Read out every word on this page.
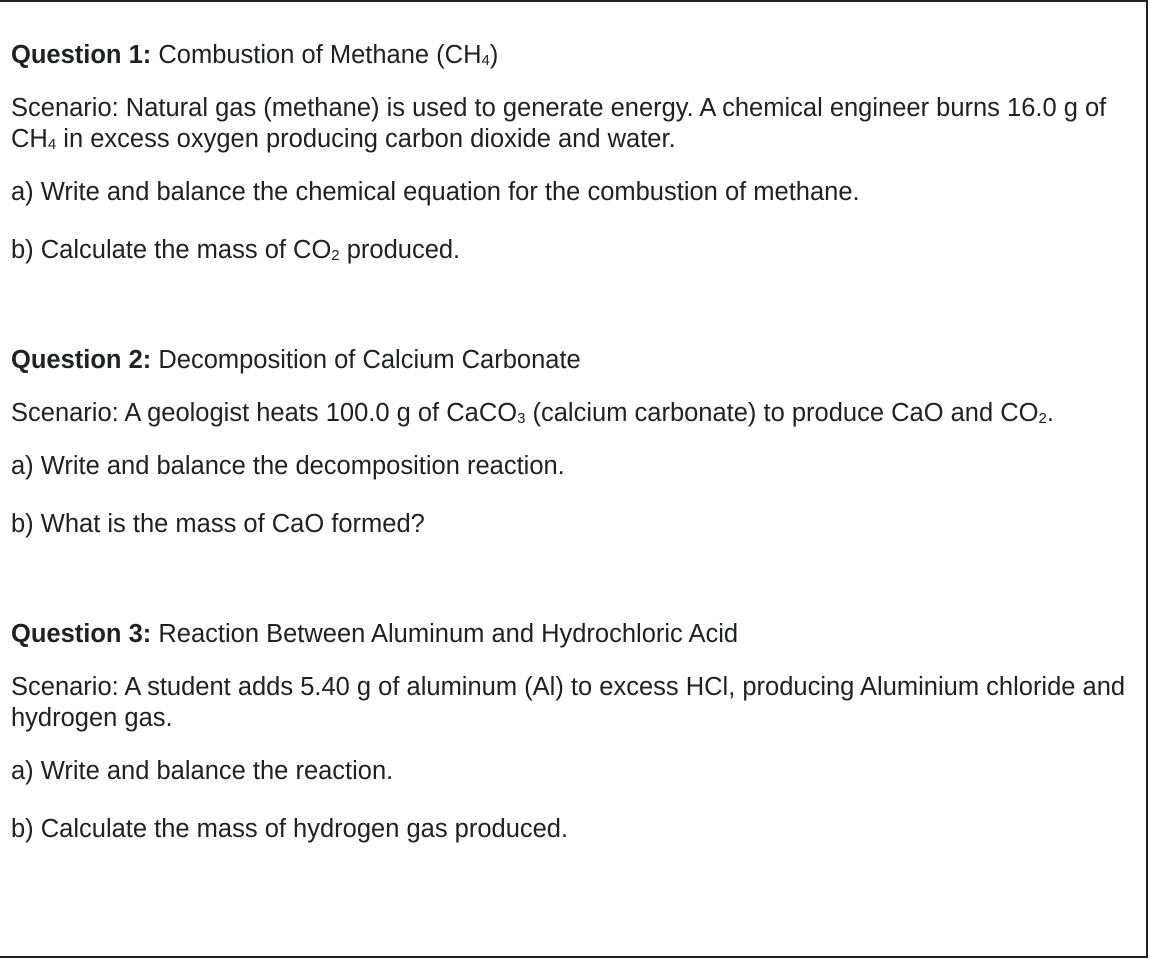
Question 1: Combustion of Methane $(CH_4)$

Scenario: Natural gas (methane) is used to generate energy. A chemical engineer burns 16.0 g of $CH_4$ in excess oxygen producing carbon dioxide and water.

a) Write and balance the chemical equation for the combustion of methane.

b) Calculate the mass of $CO_2$ produced.

Question 2: Decomposition of Calcium Carbonate

Scenario: A geologist heats 100.0 g of CaCO$_3$ (calcium carbonate) to produce CaO and $CO_2$.

a) Write and balance the decomposition reaction.

b) What is the mass of CaO formed?

Question 3: Reaction Between Aluminum and Hydrochloric Acid

Scenario: A student adds 5.40 g of aluminum (Al) to excess HCl, producing Aluminium chloride and hydrogen gas.

a) Write and balance the reaction.

b) Calculate the mass of hydrogen gas produced.
